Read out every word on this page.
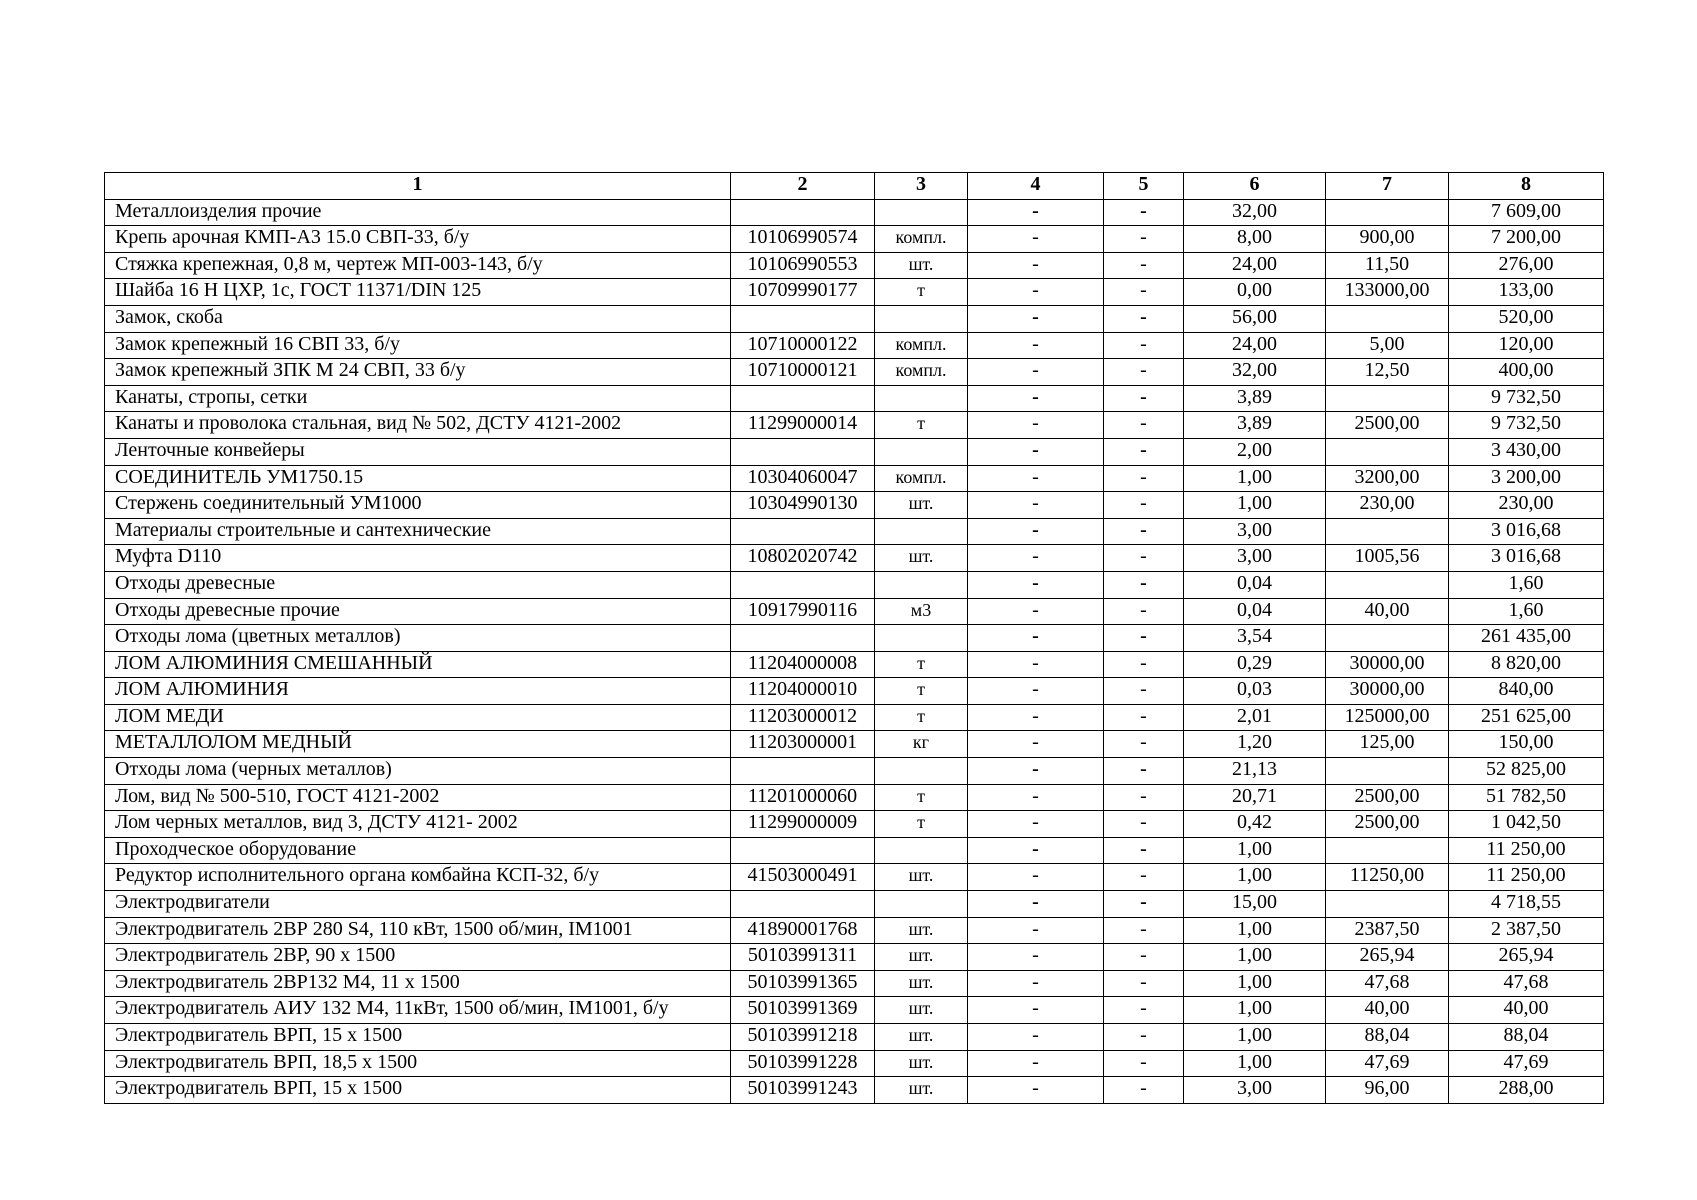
1	2	3	4	5	6	7	8
Металлоизделия прочие			-	-	32,00		7 609,00
Крепь арочная КМП-А3 15.0 СВП-33, б/у	10106990574	компл.	-	-	8,00	900,00	7 200,00
Стяжка крепежная, 0,8 м, чертеж МП-003-143, б/у	10106990553	шт.	-	-	24,00	11,50	276,00
Шайба 16 Н ЦХР, 1с, ГОСТ 11371/DIN 125	10709990177	т	-	-	0,00	133000,00	133,00
Замок, скоба			-	-	56,00		520,00
Замок крепежный 16 СВП 33, б/у	10710000122	компл.	-	-	24,00	5,00	120,00
Замок крепежный ЗПК М 24 СВП, 33 б/у	10710000121	компл.	-	-	32,00	12,50	400,00
Канаты, стропы, сетки			-	-	3,89		9 732,50
Канаты и проволока стальная, вид № 502, ДСТУ 4121-2002	11299000014	т	-	-	3,89	2500,00	9 732,50
Ленточные конвейеры			-	-	2,00		3 430,00
СОЕДИНИТЕЛЬ УМ1750.15	10304060047	компл.	-	-	1,00	3200,00	3 200,00
Стержень соединительный УМ1000	10304990130	шт.	-	-	1,00	230,00	230,00
Материалы строительные и сантехнические			-	-	3,00		3 016,68
Муфта D110	10802020742	шт.	-	-	3,00	1005,56	3 016,68
Отходы древесные			-	-	0,04		1,60
Отходы древесные прочие	10917990116	м3	-	-	0,04	40,00	1,60
Отходы лома (цветных металлов)			-	-	3,54		261 435,00
ЛОМ АЛЮМИНИЯ СМЕШАННЫЙ	11204000008	т	-	-	0,29	30000,00	8 820,00
ЛОМ АЛЮМИНИЯ	11204000010	т	-	-	0,03	30000,00	840,00
ЛОМ МЕДИ	11203000012	т	-	-	2,01	125000,00	251 625,00
МЕТАЛЛОЛОМ МЕДНЫЙ	11203000001	кг	-	-	1,20	125,00	150,00
Отходы лома (черных металлов)			-	-	21,13		52 825,00
Лом, вид № 500-510, ГОСТ 4121-2002	11201000060	т	-	-	20,71	2500,00	51 782,50
Лом черных металлов, вид 3, ДСТУ 4121- 2002	11299000009	т	-	-	0,42	2500,00	1 042,50
Проходческое оборудование			-	-	1,00		11 250,00
Редуктор исполнительного органа комбайна КСП-32, б/у	41503000491	шт.	-	-	1,00	11250,00	11 250,00
Электродвигатели			-	-	15,00		4 718,55
Электродвигатель 2ВР 280 S4, 110 кВт, 1500 об/мин, IM1001	41890001768	шт.	-	-	1,00	2387,50	2 387,50
Электродвигатель 2ВР, 90 х 1500	50103991311	шт.	-	-	1,00	265,94	265,94
Электродвигатель 2ВР132 М4, 11 х 1500	50103991365	шт.	-	-	1,00	47,68	47,68
Электродвигатель АИУ 132 М4, 11кВт, 1500 об/мин, IM1001, б/у	50103991369	шт.	-	-	1,00	40,00	40,00
Электродвигатель ВРП, 15 х 1500	50103991218	шт.	-	-	1,00	88,04	88,04
Электродвигатель ВРП, 18,5 х 1500	50103991228	шт.	-	-	1,00	47,69	47,69
Электродвигатель ВРП, 15 х 1500	50103991243	шт.	-	-	3,00	96,00	288,00
